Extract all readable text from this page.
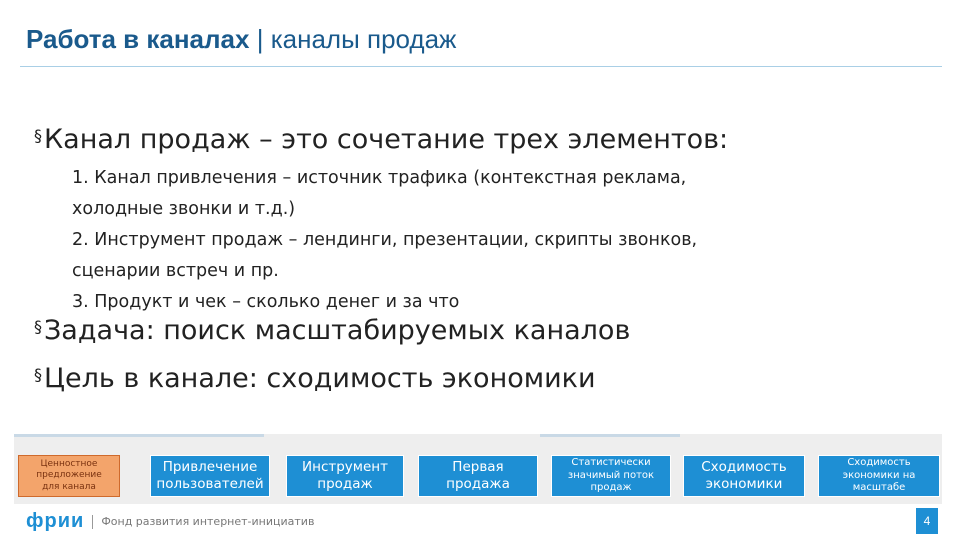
Работа в каналах | каналы продаж
§Канал продаж – это сочетание трех элементов:
1. Канал привлечения – источник трафика (контекстная реклама,
холодные звонки и т.д.)
2. Инструмент продаж – лендинги, презентации, скрипты звонков,
сценарии встреч и пр.
3. Продукт и чек – сколько денег и за что
§Задача: поиск масштабируемых каналов
§Цель в канале: сходимость экономики
Ценностное
предложение
для канала
Привлечение
пользователей
Инструмент
продаж
Первая
продажа
Статистически
значимый поток
продаж
Сходимость
экономики
Сходимость
экономики на
масштабе
фрии Фонд развития интернет-инициатив	4
